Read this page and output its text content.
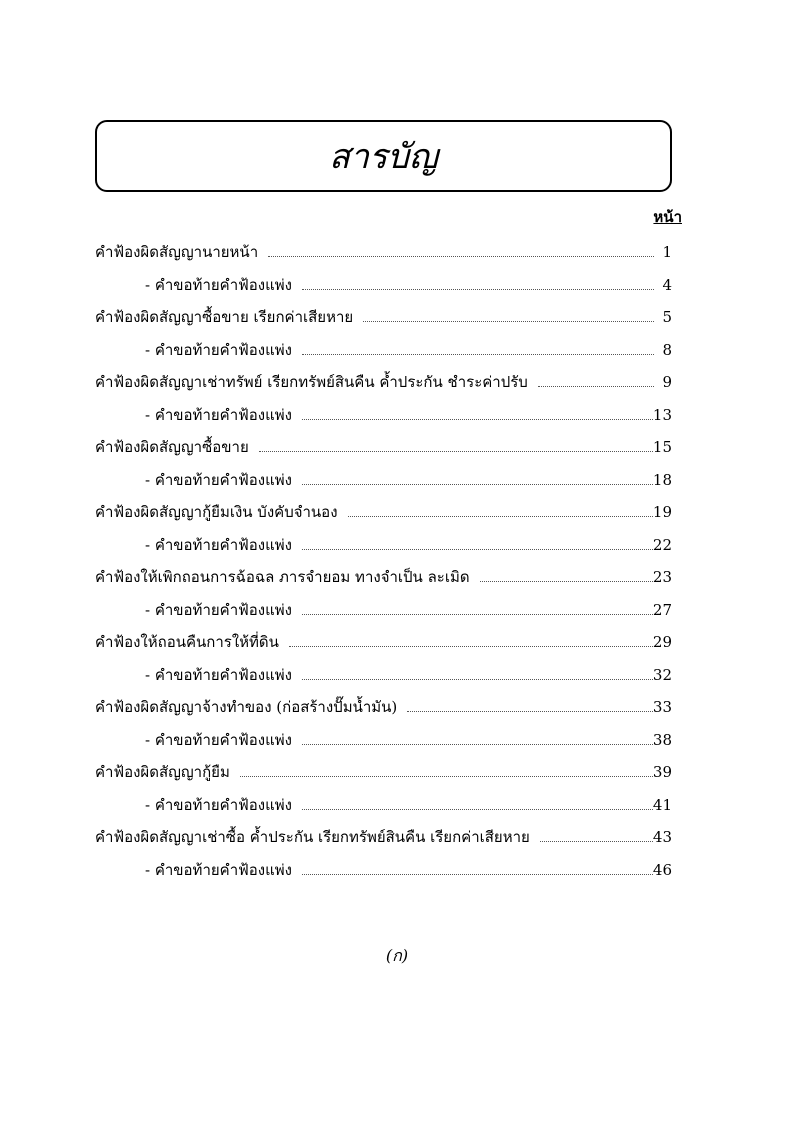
สารบัญ
หน้า
คำฟ้องผิดสัญญานายหน้า	1
- คำขอท้ายคำฟ้องแพ่ง	4
คำฟ้องผิดสัญญาซื้อขาย เรียกค่าเสียหาย	5
- คำขอท้ายคำฟ้องแพ่ง	8
คำฟ้องผิดสัญญาเช่าทรัพย์ เรียกทรัพย์สินคืน ค้ำประกัน ชำระค่าปรับ	9
- คำขอท้ายคำฟ้องแพ่ง	13
คำฟ้องผิดสัญญาซื้อขาย	15
- คำขอท้ายคำฟ้องแพ่ง	18
คำฟ้องผิดสัญญากู้ยืมเงิน บังคับจำนอง	19
- คำขอท้ายคำฟ้องแพ่ง	22
คำฟ้องให้เพิกถอนการฉ้อฉล ภารจำยอม ทางจำเป็น ละเมิด	23
- คำขอท้ายคำฟ้องแพ่ง	27
คำฟ้องให้ถอนคืนการให้ที่ดิน	29
- คำขอท้ายคำฟ้องแพ่ง	32
คำฟ้องผิดสัญญาจ้างทำของ (ก่อสร้างปั๊มน้ำมัน)	33
- คำขอท้ายคำฟ้องแพ่ง	38
คำฟ้องผิดสัญญากู้ยืม	39
- คำขอท้ายคำฟ้องแพ่ง	41
คำฟ้องผิดสัญญาเช่าซื้อ ค้ำประกัน เรียกทรัพย์สินคืน เรียกค่าเสียหาย	43
- คำขอท้ายคำฟ้องแพ่ง	46
(ก)
